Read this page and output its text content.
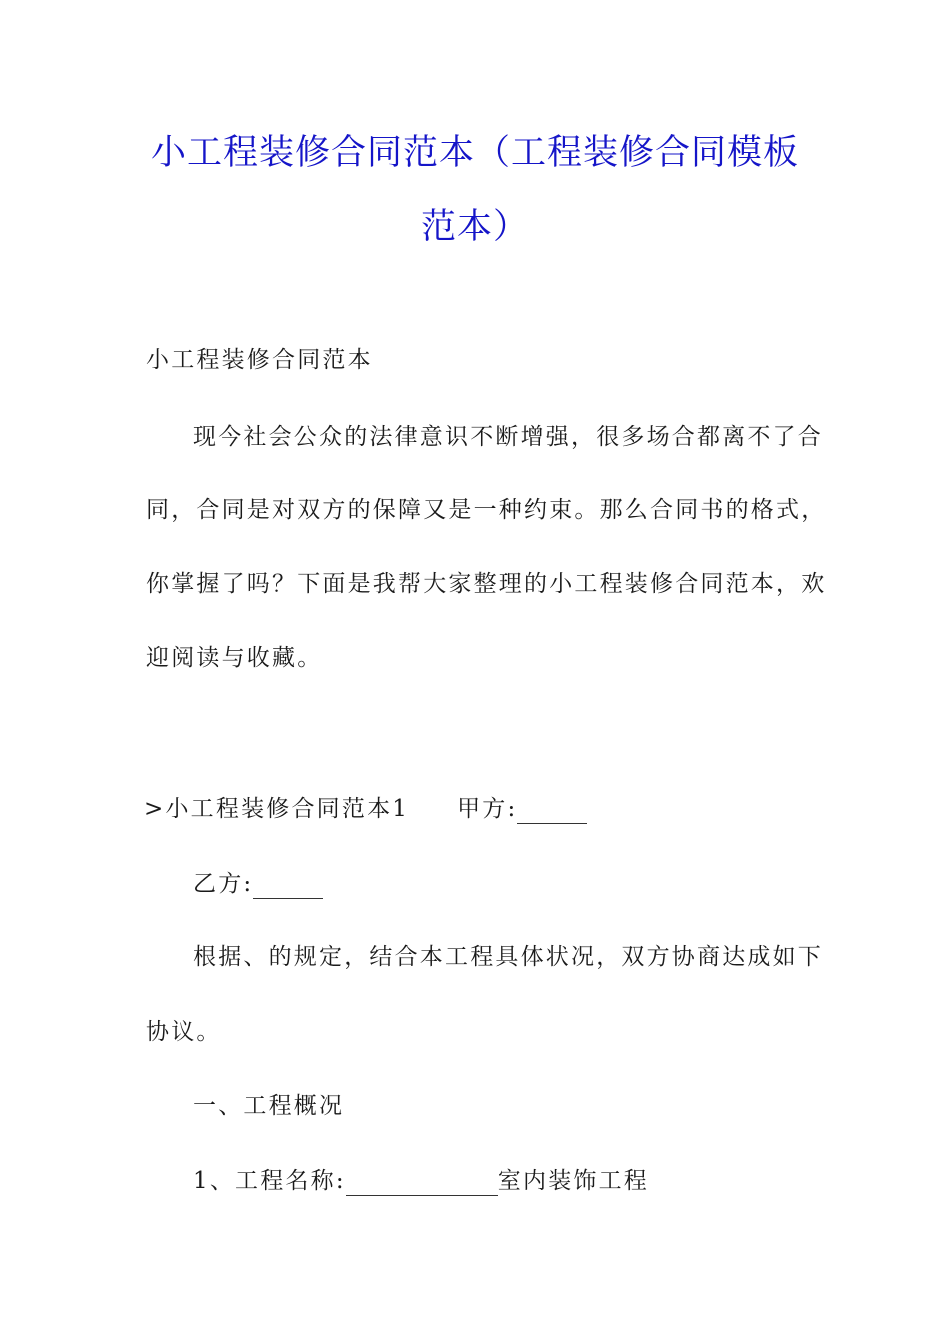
小工程装修合同范本（工程装修合同模板
范本）
小工程装修合同范本
现今社会公众的法律意识不断增强，很多场合都离不了合
同，合同是对双方的保障又是一种约束。那么合同书的格式，
你掌握了吗？下面是我帮大家整理的小工程装修合同范本，欢
迎阅读与收藏。
>小工程装修合同范本1 甲方:
乙方:
根据、的规定，结合本工程具体状况，双方协商达成如下
协议。
一、工程概况
1、工程名称:	室内装饰工程
